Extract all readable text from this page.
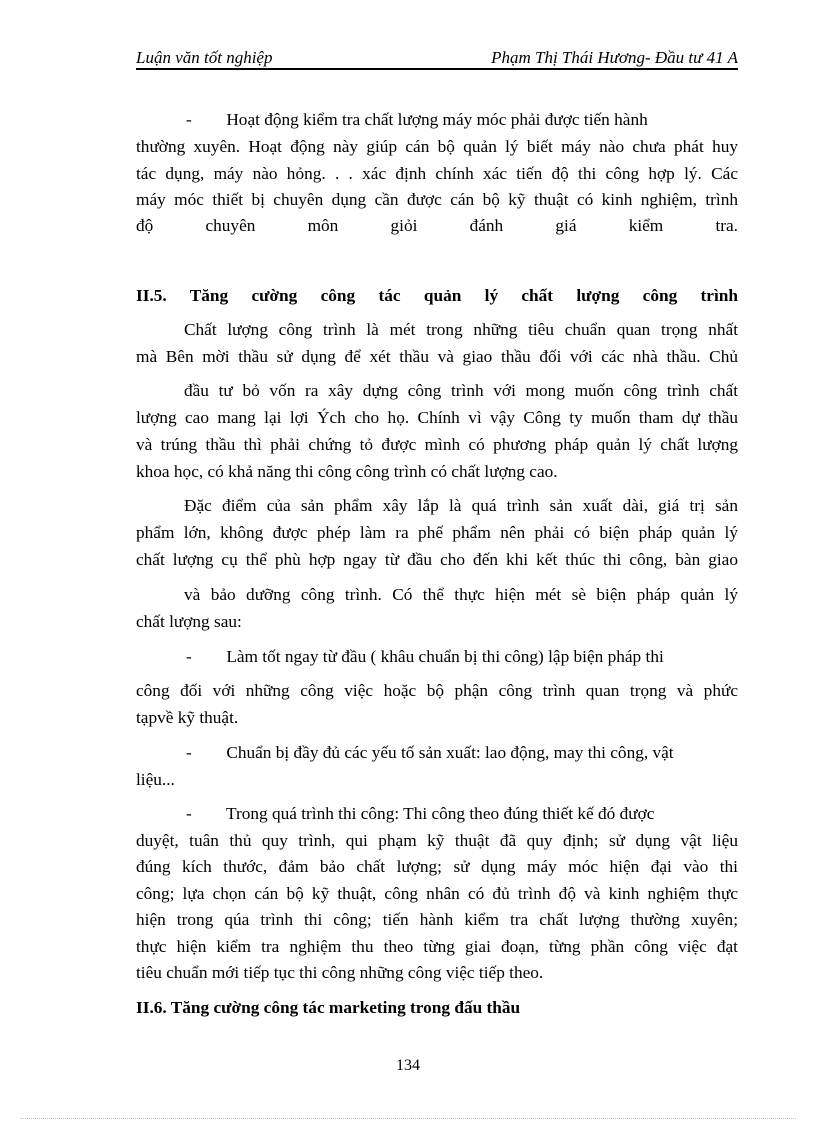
Luận văn tốt nghiệp	Phạm Thị Thái Hương- Đầu tư 41 A
-        Hoạt động kiểm tra chất lượng máy móc phải được tiến hành
thường xuyên. Hoạt động này giúp cán bộ quản lý biết máy nào chưa phát huy
tác dụng, máy nào hỏng. . . xác định chính xác tiến độ thi công hợp lý. Các
máy móc thiết bị chuyên dụng cần được cán bộ kỹ thuật có kinh nghiệm, trình
độ chuyên môn giỏi đánh giá kiểm tra.
II.5. Tăng cường công tác quản lý chất lượng công trình
Chất lượng công trình là mét trong những tiêu chuẩn quan trọng nhất
mà Bên mời thầu sử dụng để xét thầu và giao thầu đối với các nhà thầu. Chủ
đầu tư bỏ vốn ra xây dựng công trình với mong muốn công trình chất
lượng cao mang lại lợi Ých cho họ. Chính vì vậy Công ty muốn tham dự thầu
và trúng thầu thì phải chứng tỏ được mình có phương pháp quản lý chất lượng
khoa học, có khả năng thi công công trình có chất lượng cao.
Đặc điểm của sản phẩm xây lắp là quá trình sản xuất dài, giá trị sản
phẩm lớn, không được phép làm ra phế phẩm nên phải có biện pháp quản lý
chất lượng cụ thể phù hợp ngay từ đầu cho đến khi kết thúc thi công, bàn giao
và bảo dưỡng công trình. Có thể thực hiện mét sè biện pháp quản lý
chất lượng sau:
-        Làm tốt ngay từ đầu ( khâu chuẩn bị thi công) lập biện pháp thi
công đối với những công việc hoặc bộ phận công trình quan trọng và phức
tạpvề kỹ thuật.
-        Chuẩn bị đầy đủ các yếu tố sản xuất: lao động, may thi công, vật
liệu...
-        Trong quá trình thi công: Thi công theo đúng thiết kế đó được
duyệt, tuân thủ quy trình, qui phạm kỹ thuật đã quy định; sử dụng vật liệu
đúng kích thước, đảm bảo chất lượng; sử dụng máy móc hiện đại vào thi
công; lựa chọn cán bộ kỹ thuật, công nhân có đủ trình độ và kinh nghiệm thực
hiện trong qúa trình thi công; tiến hành kiểm tra chất lượng thường xuyên;
thực hiện kiểm tra nghiệm thu theo từng giai đoạn, từng phần công việc đạt
tiêu chuẩn mới tiếp tục thi công những công việc tiếp theo.
II.6. Tăng cường công tác marketing trong đấu thầu
134
